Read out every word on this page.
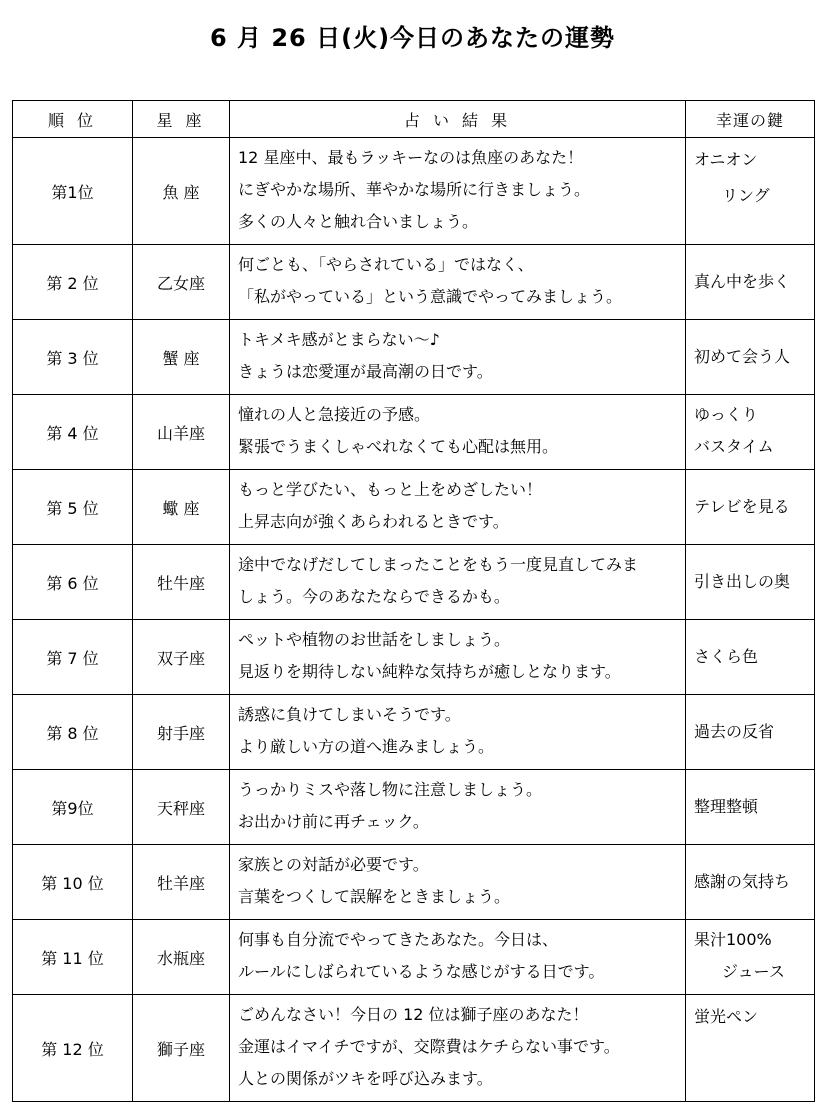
6 月 26 日(火)今日のあなたの運勢
順 位	星 座	占 い 結 果	幸運の鍵
第1位	魚 座	12 星座中、最もラッキーなのは魚座のあなた！
にぎやかな場所、華やかな場所に行きましょう。
多くの人々と触れ合いましょう。	オニオン
リング

第 2 位	乙女座	何ごとも、「やらされている」ではなく、
「私がやっている」という意識でやってみましょう。	真ん中を歩く

第 3 位	蟹 座	トキメキ感がとまらない～♪
きょうは恋愛運が最高潮の日です。	初めて会う人

第 4 位	山羊座	憧れの人と急接近の予感。
緊張でうまくしゃべれなくても心配は無用。	ゆっくり
バスタイム

第 5 位	蠍 座	もっと学びたい、もっと上をめざしたい！
上昇志向が強くあらわれるときです。	テレビを見る

第 6 位	牡牛座	途中でなげだしてしまったことをもう一度見直してみま
しょう。今のあなたならできるかも。	引き出しの奥

第 7 位	双子座	ペットや植物のお世話をしましょう。
見返りを期待しない純粋な気持ちが癒しとなります。	さくら色

第 8 位	射手座	誘惑に負けてしまいそうです。
より厳しい方の道へ進みましょう。	過去の反省

第9位	天秤座	うっかりミスや落し物に注意しましょう。
お出かけ前に再チェック。	整理整頓

第 10 位	牡羊座	家族との対話が必要です。
言葉をつくして誤解をときましょう。	感謝の気持ち

第 11 位	水瓶座	何事も自分流でやってきたあなた。今日は、
ルールにしばられているような感じがする日です。	果汁100%
ジュース

第 12 位	獅子座	ごめんなさい！今日の 12 位は獅子座のあなた！
金運はイマイチですが、交際費はケチらない事です。
人との関係がツキを呼び込みます。	蛍光ペン
